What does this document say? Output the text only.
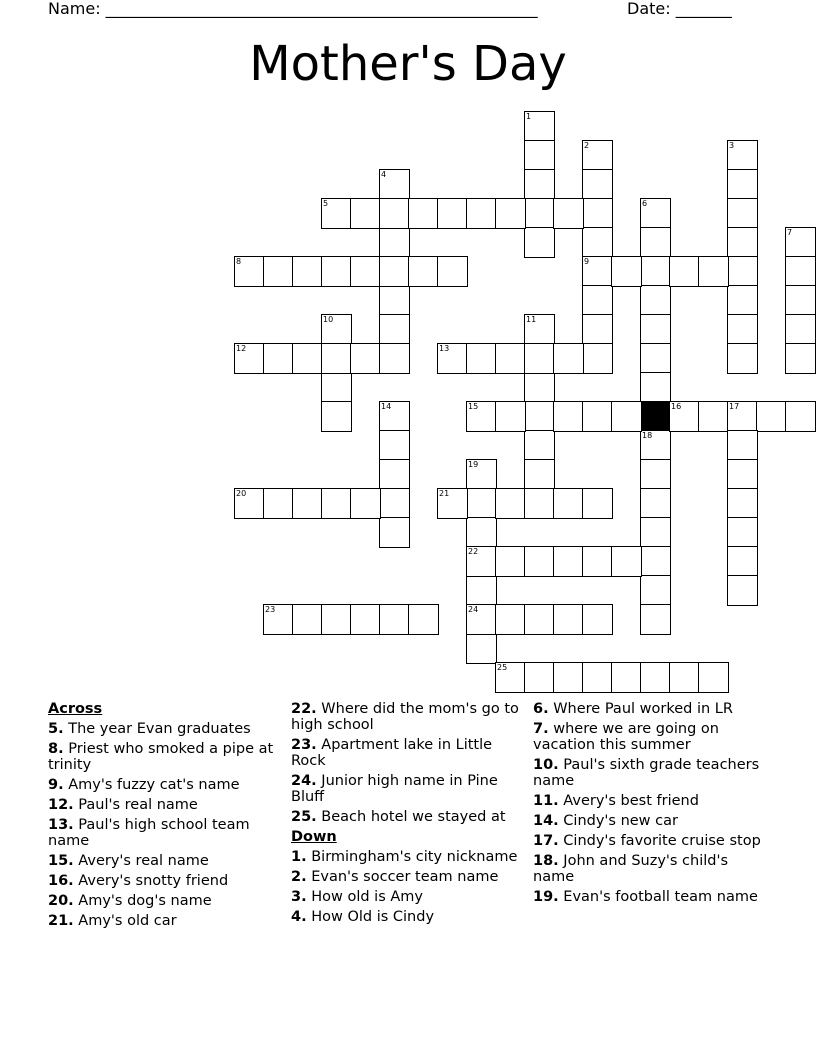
Name: ______________________________________________________	Date: _______
Mother's Day
1
2
9
3
4
5	6
18
7
8
10	11
12	13
14	15	16	17
19
20	21
22
23	24
25
Across
5. The year Evan graduates
8. Priest who smoked a pipe at trinity
9. Amy's fuzzy cat's name
12. Paul's real name
13. Paul's high school team name
15. Avery's real name
16. Avery's snotty friend
20. Amy's dog's name
21. Amy's old car
22. Where did the mom's go to high school
23. Apartment lake in Little Rock
24. Junior high name in Pine Bluff
25. Beach hotel we stayed at
Down
1. Birmingham's city nickname
2. Evan's soccer team name
3. How old is Amy
4. How Old is Cindy
6. Where Paul worked in LR
7. where we are going on vacation this summer
10. Paul's sixth grade teachers name
11. Avery's best friend
14. Cindy's new car
17. Cindy's favorite cruise stop
18. John and Suzy's child's name
19. Evan's football team name
